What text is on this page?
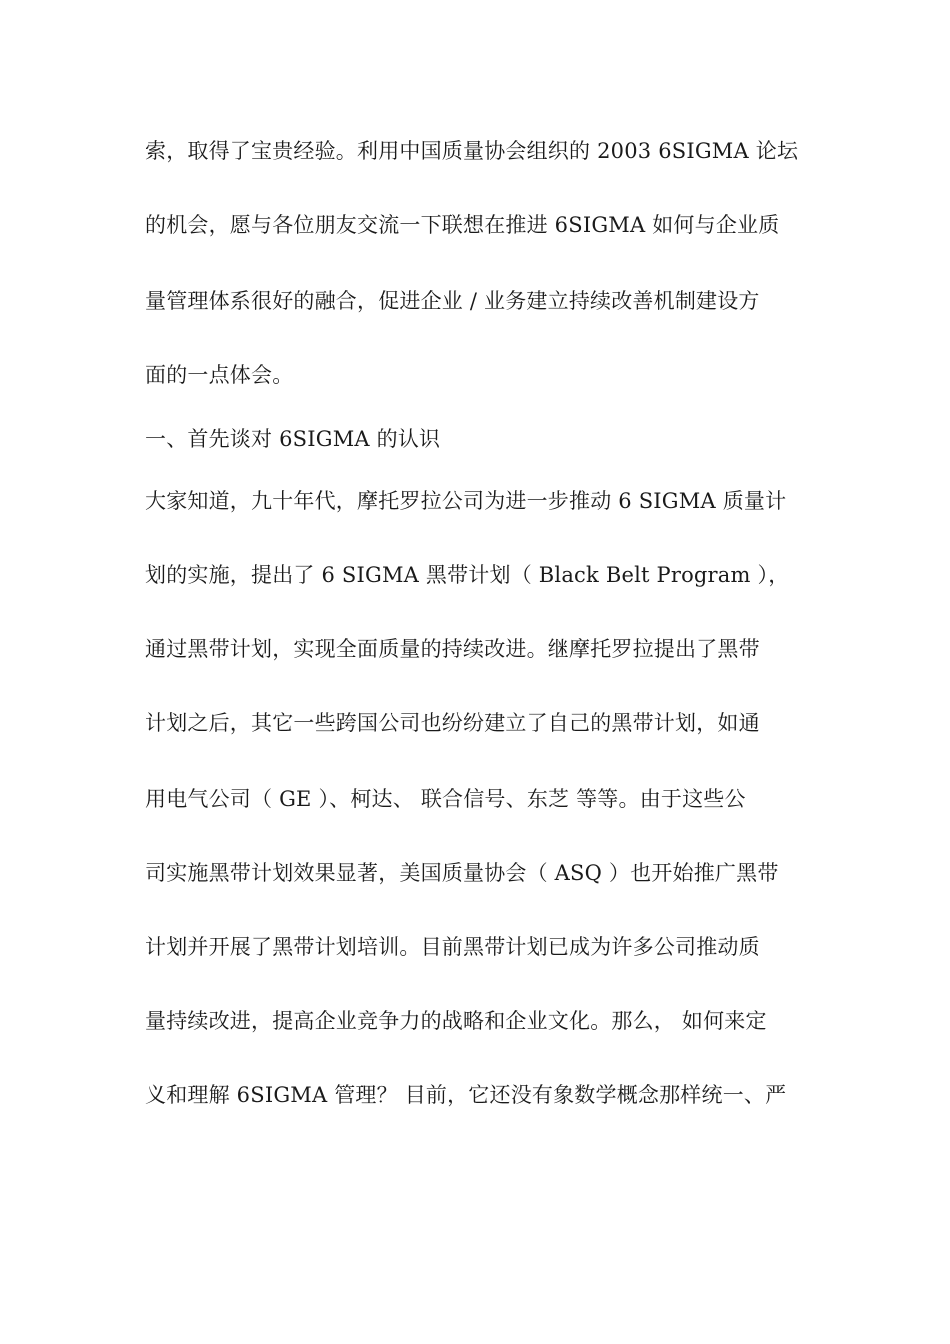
索，取得了宝贵经验。利用中国质量协会组织的 2003 6SIGMA 论坛
的机会，愿与各位朋友交流一下联想在推进 6SIGMA 如何与企业质
量管理体系很好的融合，促进企业 / 业务建立持续改善机制建设方
面的一点体会。
一、首先谈对 6SIGMA 的认识
大家知道，九十年代，摩托罗拉公司为进一步推动 6 SIGMA 质量计
划的实施，提出了 6 SIGMA 黑带计划（ Black Belt Program ），
通过黑带计划，实现全面质量的持续改进。继摩托罗拉提出了黑带
计划之后，其它一些跨国公司也纷纷建立了自己的黑带计划，如通
用电气公司（ GE ）、柯达、 联合信号、东芝 等等。由于这些公
司实施黑带计划效果显著，美国质量协会（ ASQ ）也开始推广黑带
计划并开展了黑带计划培训。目前黑带计划已成为许多公司推动质
量持续改进，提高企业竞争力的战略和企业文化。那么， 如何来定
义和理解 6SIGMA 管理？ 目前，它还没有象数学概念那样统一、严
